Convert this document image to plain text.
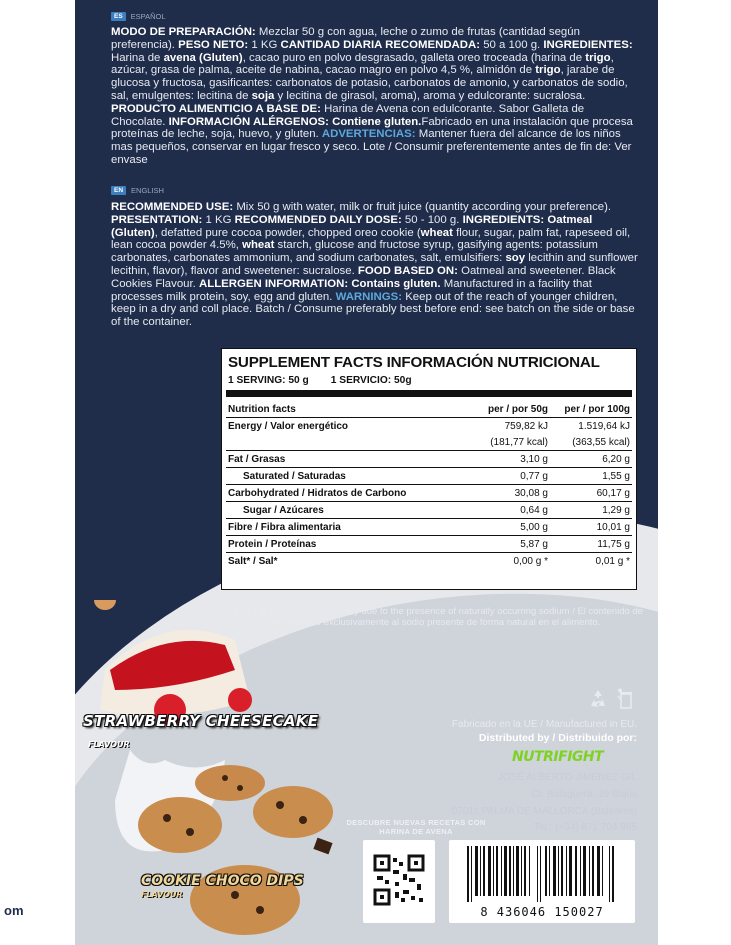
om
ES	ESPAÑOL
MODO DE PREPARACIÓN: Mezclar 50 g con agua, leche o zumo de frutas (cantidad según preferencia). PESO NETO: 1 KG CANTIDAD DIARIA RECOMENDADA: 50 a 100 g. INGREDIENTES: Harina de avena (Gluten), cacao puro en polvo desgrasado, galleta oreo troceada (harina de trigo, azúcar, grasa de palma, aceite de nabina, cacao magro en polvo 4,5 %, almidón de trigo, jarabe de glucosa y fructosa, gasificantes: carbonatos de potasio, carbonatos de amonio, y carbonatos de sodio, sal, emulgentes: lecitina de soja y lecitina de girasol, aroma), aroma y edulcorante: sucralosa. PRODUCTO ALIMENTICIO A BASE DE: Harina de Avena con edulcorante. Sabor Galleta de Chocolate. INFORMACIÓN ALÉRGENOS: Contiene gluten.Fabricado en una instalación que procesa proteínas de leche, soja, huevo, y gluten. ADVERTENCIAS: Mantener fuera del alcance de los niños mas pequeños, conservar en lugar fresco y seco. Lote / Consumir preferentemente antes de fin de: Ver envase
EN	ENGLISH
RECOMMENDED USE: Mix 50 g with water, milk or fruit juice (quantity according your preference). PRESENTATION: 1 KG RECOMMENDED DAILY DOSE: 50 - 100 g. INGREDIENTS: Oatmeal (Gluten), defatted pure cocoa powder, chopped oreo cookie (wheat flour, sugar, palm fat, rapeseed oil, lean cocoa powder 4.5%, wheat starch, glucose and fructose syrup, gasifying agents: potassium carbonates, carbonates ammonium, and sodium carbonates, salt, emulsifiers: soy lecithin and sunflower lecithin, flavor), flavor and sweetener: sucralose. FOOD BASED ON: Oatmeal and sweetener. Black Cookies Flavour. ALLERGEN INFORMATION: Contains gluten. Manufactured in a facility that processes milk protein, soy, egg and gluten. WARNINGS: Keep out of the reach of younger children, keep in a dry and coll place. Batch / Consume preferably best before end: see batch on the side or base of the container.
SUPPLEMENT FACTS INFORMACIÓN NUTRICIONAL
1 SERVING: 50 g 1 SERVICIO: 50g
Nutrition facts	per / por 50g	per / por 100g
Energy / Valor energético	759,82 kJ	1.519,64 kJ
	(181,77 kcal)	(363,55 kcal)
Fat / Grasas	3,10 g	6,20 g
Saturated / Saturadas	0,77 g	1,55 g
Carbohydrated / Hidratos de Carbono	30,08 g	60,17 g
Sugar / Azúcares	0,64 g	1,29 g
Fibre / Fibra alimentaria	5,00 g	10,01 g
Protein / Proteínas	5,87 g	11,75 g
Salt* / Sal*	0,00 g *	0,01 g *
* The salt content is exclusively due to the presence of naturally occurring sodium / El contenido de sal obedece exclusivamente al sodio presente de forma natural en el alimento.
Fabricado en la UE / Manufactured in EU.
Distributed by / Distribuido por:
NUTRIFIGHT
JOSÉ ALBERTO JIMENEZ GIL
C/. Balaguera, 19 Bajos
07011 PALMA DE MALLORCA (Baleares)
Tel.: (+34) 871 704 965
STRAWBERRY CHEESECAKE
FLAVOUR
COOKIE CHOCO DIPS
FLAVOUR
DESCUBRE NUEVAS RECETAS CON HARINA DE AVENA
8 436046 150027
